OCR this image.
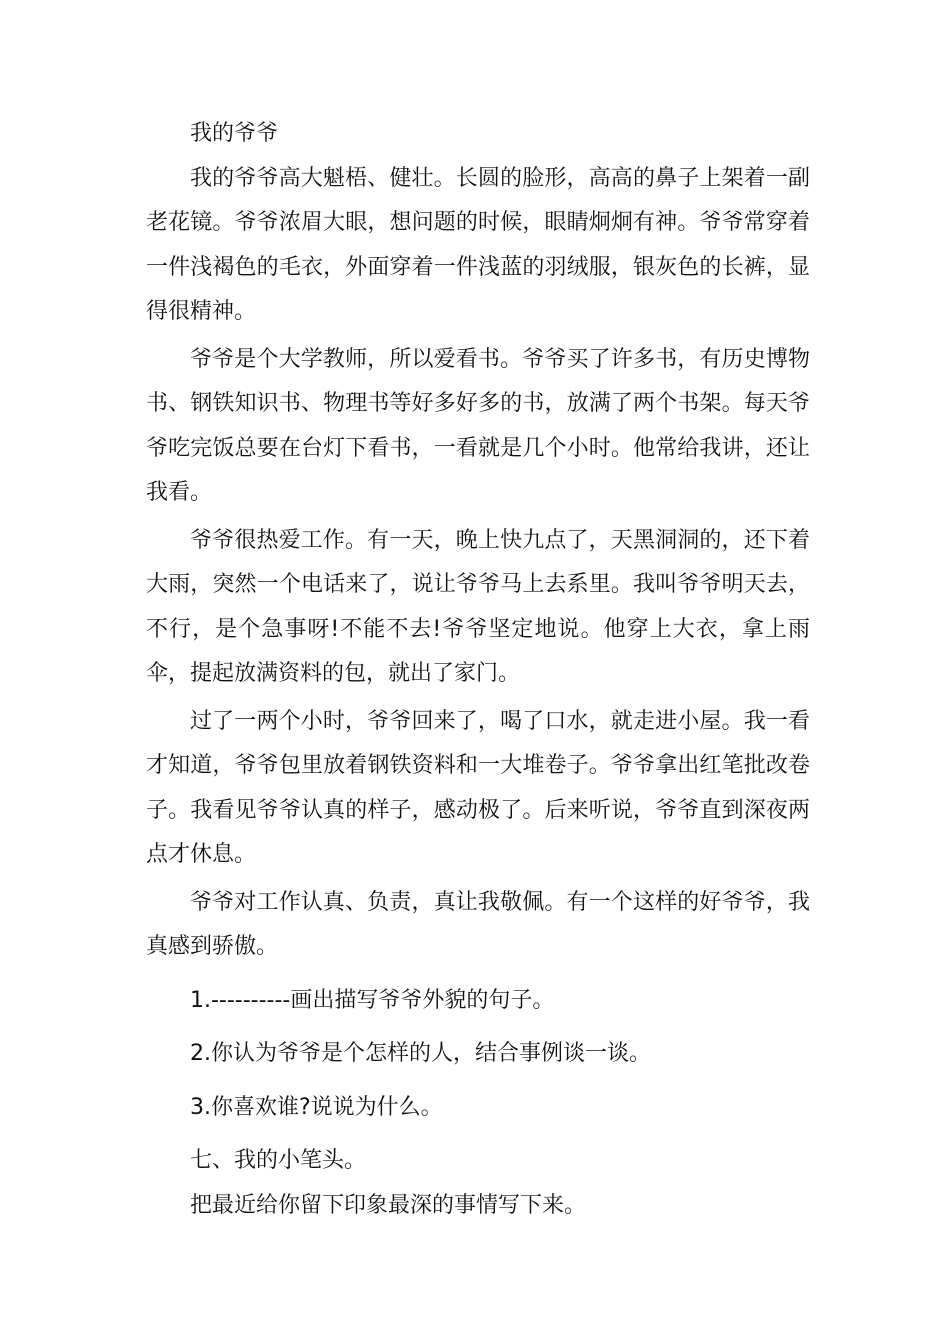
我的爷爷

我的爷爷高大魁梧、健壮。长圆的脸形，高高的鼻子上架着一副老花镜。爷爷浓眉大眼，想问题的时候，眼睛炯炯有神。爷爷常穿着一件浅褐色的毛衣，外面穿着一件浅蓝的羽绒服，银灰色的长裤，显得很精神。

爷爷是个大学教师，所以爱看书。爷爷买了许多书，有历史博物书、钢铁知识书、物理书等好多好多的书，放满了两个书架。每天爷爷吃完饭总要在台灯下看书，一看就是几个小时。他常给我讲，还让我看。

爷爷很热爱工作。有一天，晚上快九点了，天黑洞洞的，还下着大雨，突然一个电话来了，说让爷爷马上去系里。我叫爷爷明天去，不行，是个急事呀!不能不去!爷爷坚定地说。他穿上大衣，拿上雨伞，提起放满资料的包，就出了家门。

过了一两个小时，爷爷回来了，喝了口水，就走进小屋。我一看才知道，爷爷包里放着钢铁资料和一大堆卷子。爷爷拿出红笔批改卷子。我看见爷爷认真的样子，感动极了。后来听说，爷爷直到深夜两点才休息。

爷爷对工作认真、负责，真让我敬佩。有一个这样的好爷爷，我真感到骄傲。

1.----------画出描写爷爷外貌的句子。

2.你认为爷爷是个怎样的人，结合事例谈一谈。

3.你喜欢谁?说说为什么。

七、我的小笔头。

把最近给你留下印象最深的事情写下来。
